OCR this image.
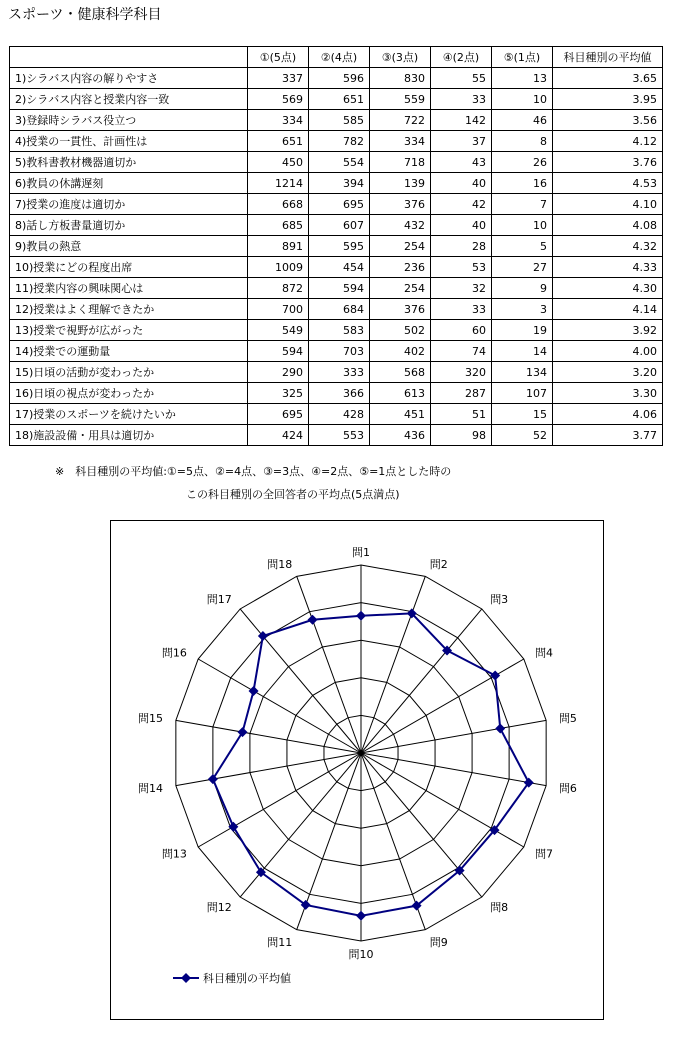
スポーツ・健康科学科目
	①(5点)	②(4点)	③(3点)	④(2点)	⑤(1点)	科目種別の平均値
1)シラバス内容の解りやすさ	337	596	830	55	13	3.65
2)シラバス内容と授業内容一致	569	651	559	33	10	3.95
3)登録時シラバス役立つ	334	585	722	142	46	3.56
4)授業の一貫性、計画性は	651	782	334	37	8	4.12
5)教科書教材機器適切か	450	554	718	43	26	3.76
6)教員の休講遅刻	1214	394	139	40	16	4.53
7)授業の進度は適切か	668	695	376	42	7	4.10
8)話し方板書量適切か	685	607	432	40	10	4.08
9)教員の熱意	891	595	254	28	5	4.32
10)授業にどの程度出席	1009	454	236	53	27	4.33
11)授業内容の興味関心は	872	594	254	32	9	4.30
12)授業はよく理解できたか	700	684	376	33	3	4.14
13)授業で視野が広がった	549	583	502	60	19	3.92
14)授業での運動量	594	703	402	74	14	4.00
15)日頃の活動が変わったか	290	333	568	320	134	3.20
16)日頃の視点が変わったか	325	366	613	287	107	3.30
17)授業のスポーツを続けたいか	695	428	451	51	15	4.06
18)施設設備・用具は適切か	424	553	436	98	52	3.77
※　科目種別の平均値:①=5点、②=4点、③=3点、④=2点、⑤=1点とした時の
この科目種別の全回答者の平均点(5点満点)
問1
問2
問3
問4
問5
問6
問7
問8
問9
問10
問11
問12
問13
問14
問15
問16
問17
問18
科目種別の平均値
